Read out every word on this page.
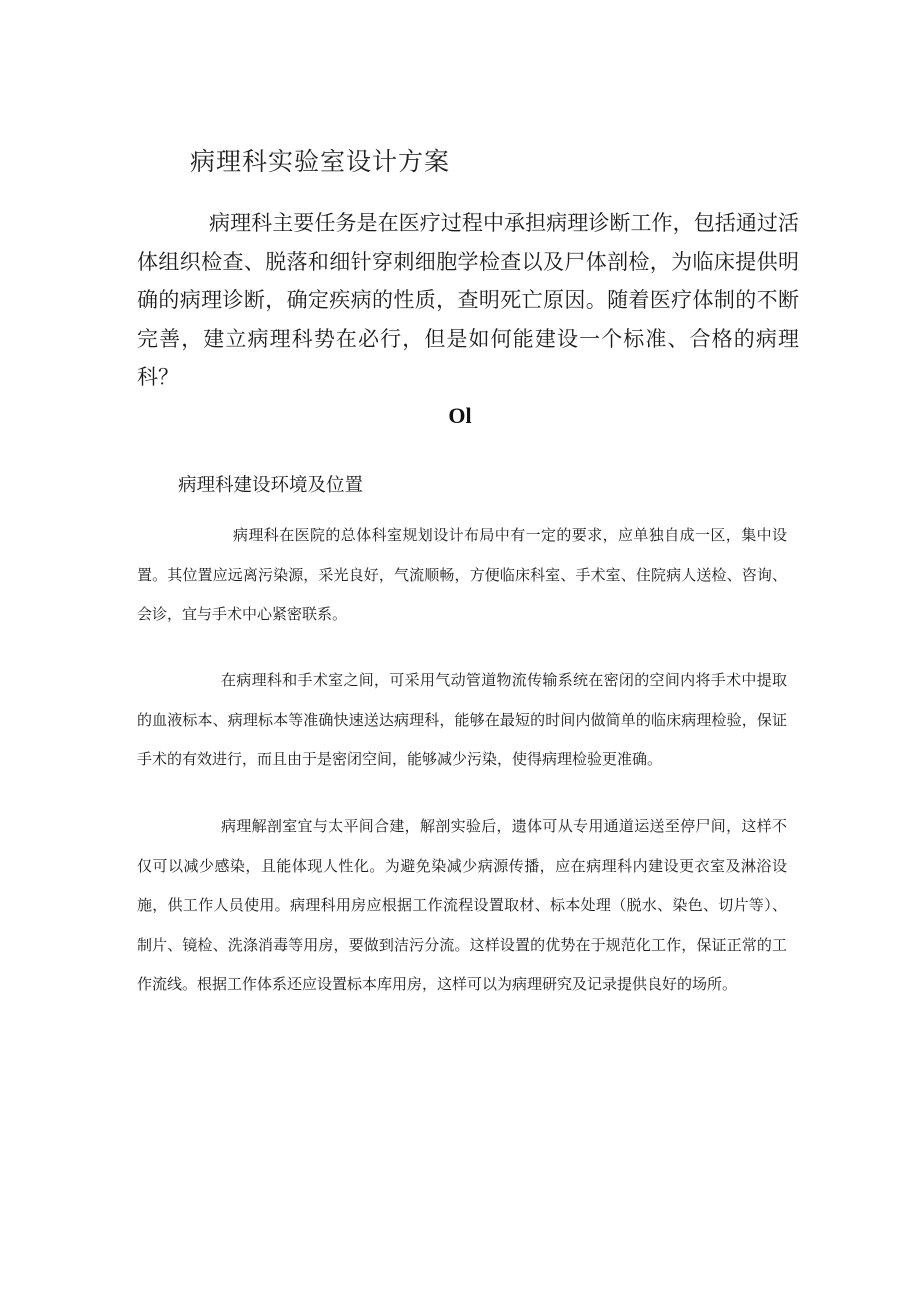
病理科实验室设计方案

病理科主要任务是在医疗过程中承担病理诊断工作，包括通过活体组织检查、脱落和细针穿刺细胞学检查以及尸体剖检，为临床提供明确的病理诊断，确定疾病的性质，查明死亡原因。随着医疗体制的不断完善，建立病理科势在必行，但是如何能建设一个标准、合格的病理科？

Ol
病理科建设环境及位置

病理科在医院的总体科室规划设计布局中有一定的要求，应单独自成一区，集中设置。其位置应远离污染源，采光良好，气流顺畅，方便临床科室、手术室、住院病人送检、咨询、会诊，宜与手术中心紧密联系。

在病理科和手术室之间，可采用气动管道物流传输系统在密闭的空间内将手术中提取的血液标本、病理标本等准确快速送达病理科，能够在最短的时间内做简单的临床病理检验，保证手术的有效进行，而且由于是密闭空间，能够减少污染，使得病理检验更准确。

病理解剖室宜与太平间合建，解剖实验后，遗体可从专用通道运送至停尸间，这样不仅可以减少感染，且能体现人性化。为避免染减少病源传播，应在病理科内建设更衣室及淋浴设施，供工作人员使用。病理科用房应根据工作流程设置取材、标本处理（脱水、染色、切片等）、制片、镜检、洗涤消毒等用房，要做到洁污分流。这样设置的优势在于规范化工作，保证正常的工作流线。根据工作体系还应设置标本库用房，这样可以为病理研究及记录提供良好的场所。
